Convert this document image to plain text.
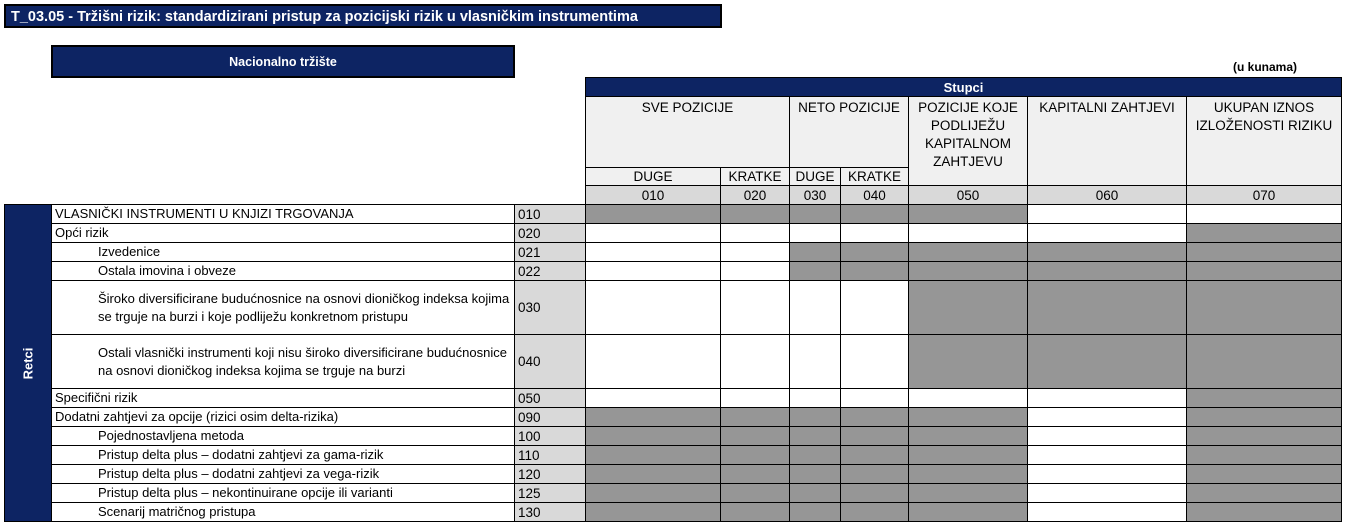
T_03.05 - Tržišni rizik: standardizirani pristup za pozicijski rizik u vlasničkim instrumentima
Nacionalno tržište	(u kunama)
			Stupci						
			SVE POZICIJE		NETO POZICIJE		POZICIJE KOJE PODLIJEŽU KAPITALNOM ZAHTJEVU	KAPITALNI ZAHTJEVI	UKUPAN IZNOS IZLOŽENOSTI RIZIKU
			DUGE	KRATKE	DUGE	KRATKE			
			010	020	030	040	050	060	070
Retci	VLASNIČKI INSTRUMENTI U KNJIZI TRGOVANJA	010							
	Opći rizik	020							
	Izvedenice	021							
	Ostala imovina i obveze	022							
	Široko diversificirane budućnosnice na osnovi dioničkog indeksa kojima se trguje na burzi i koje podliježu konkretnom pristupu	030							
	Ostali vlasnički instrumenti koji nisu široko diversificirane budućnosnice na osnovi dioničkog indeksa kojima se trguje na burzi	040							
	Specifični rizik	050							
	Dodatni zahtjevi za opcije (rizici osim delta-rizika)	090							
	Pojednostavljena metoda	100							
	Pristup delta plus – dodatni zahtjevi za gama-rizik	110							
	Pristup delta plus – dodatni zahtjevi za vega-rizik	120							
	Pristup delta plus – nekontinuirane opcije ili varianti	125							
	Scenarij matričnog pristupa	130							
